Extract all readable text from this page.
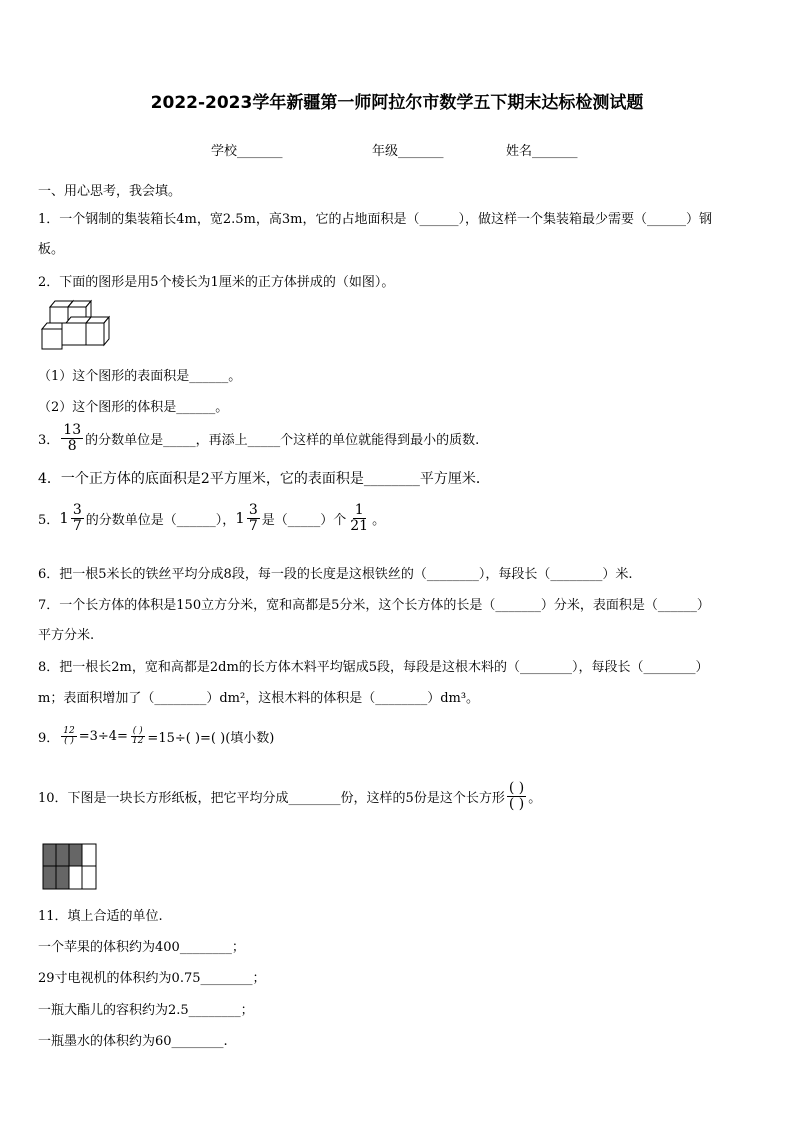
2022-2023学年新疆第一师阿拉尔市数学五下期末达标检测试题
学校_______	年级_______	姓名_______
一、用心思考，我会填。
1．一个钢制的集装箱长4m，宽2.5m，高3m，它的占地面积是（______），做这样一个集装箱最少需要（______）钢
板。
2．下面的图形是用5个棱长为1厘米的正方体拼成的（如图）。
（1）这个图形的表面积是______。
（2）这个图形的体积是______。
3． $\frac{13}{8}$ 的分数单位是_____，再添上_____个这样的单位就能得到最小的质数.
4．一个正方体的底面积是2平方厘米，它的表面积是________平方厘米．
5． $1 \frac{3}{7}$ 的分数单位是（______）， $1 \frac{3}{7}$ 是（_____）个 $\frac{1}{21}$ 。
6．把一根5米长的铁丝平均分成8段，每一段的长度是这根铁丝的（________），每段长（________）米.
7．一个长方体的体积是150立方分米，宽和高都是5分米，这个长方体的长是（_______）分米，表面积是（______）
平方分米.
8．把一根长2m，宽和高都是2dm的长方体木料平均锯成5段，每段是这根木料的（________），每段长（________）
m；表面积增加了（________）dm²，这根木料的体积是（________）dm³。
9． $\frac{12}{( )} =3\div 4= \frac{( )}{12} =15\div$( )=( )(填小数)
10．下图是一块长方形纸板，把它平均分成________份，这样的5份是这个长方形 $\frac{( )}{( )}$ 。
11．填上合适的单位.
一个苹果的体积约为400________；
29寸电视机的体积约为0.75________；
一瓶大酯儿的容积约为2.5________；
一瓶墨水的体积约为60________.
